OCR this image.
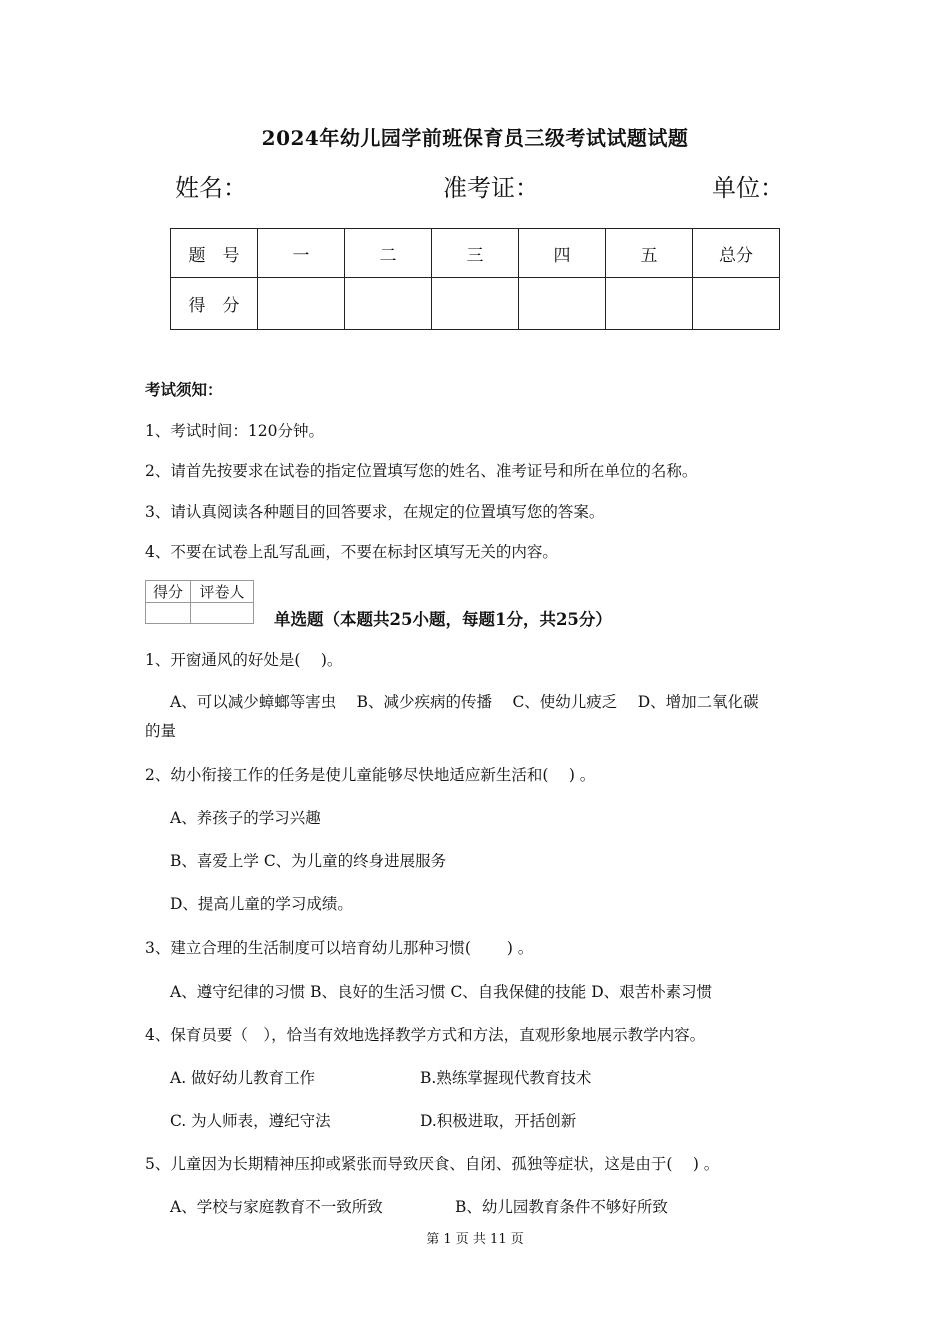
2024年幼儿园学前班保育员三级考试试题试题
姓名：	准考证：	单位：
题　号	一	二	三	四	五	总分
得　分						
考试须知：
1、考试时间：120分钟。
2、请首先按要求在试卷的指定位置填写您的姓名、准考证号和所在单位的名称。
3、请认真阅读各种题目的回答要求，在规定的位置填写您的答案。
4、不要在试卷上乱写乱画，不要在标封区填写无关的内容。
得分	评卷人

单选题（本题共25小题，每题1分，共25分）
1、开窗通风的好处是(　 )。
A、可以减少蟑螂等害虫　 B、减少疾病的传播　 C、使幼儿疲乏　 D、增加二氧化碳
的量
2、幼小衔接工作的任务是使儿童能够尽快地适应新生活和(　 ) 。
A、养孩子的学习兴趣
B、喜爱上学 C、为儿童的终身进展服务
D、提高儿童的学习成绩。
3、建立合理的生活制度可以培育幼儿那种习惯(　　 ) 。
A、遵守纪律的习惯 B、良好的生活习惯 C、自我保健的技能 D、艰苦朴素习惯
4、保育员要（　），恰当有效地选择教学方式和方法，直观形象地展示教学内容。
A. 做好幼儿教育工作	B.熟练掌握现代教育技术
C. 为人师表，遵纪守法	D.积极进取，开括创新
5、儿童因为长期精神压抑或紧张而导致厌食、自闭、孤独等症状，这是由于(　 ) 。
A、学校与家庭教育不一致所致	B、幼儿园教育条件不够好所致
第 1 页 共 11 页
